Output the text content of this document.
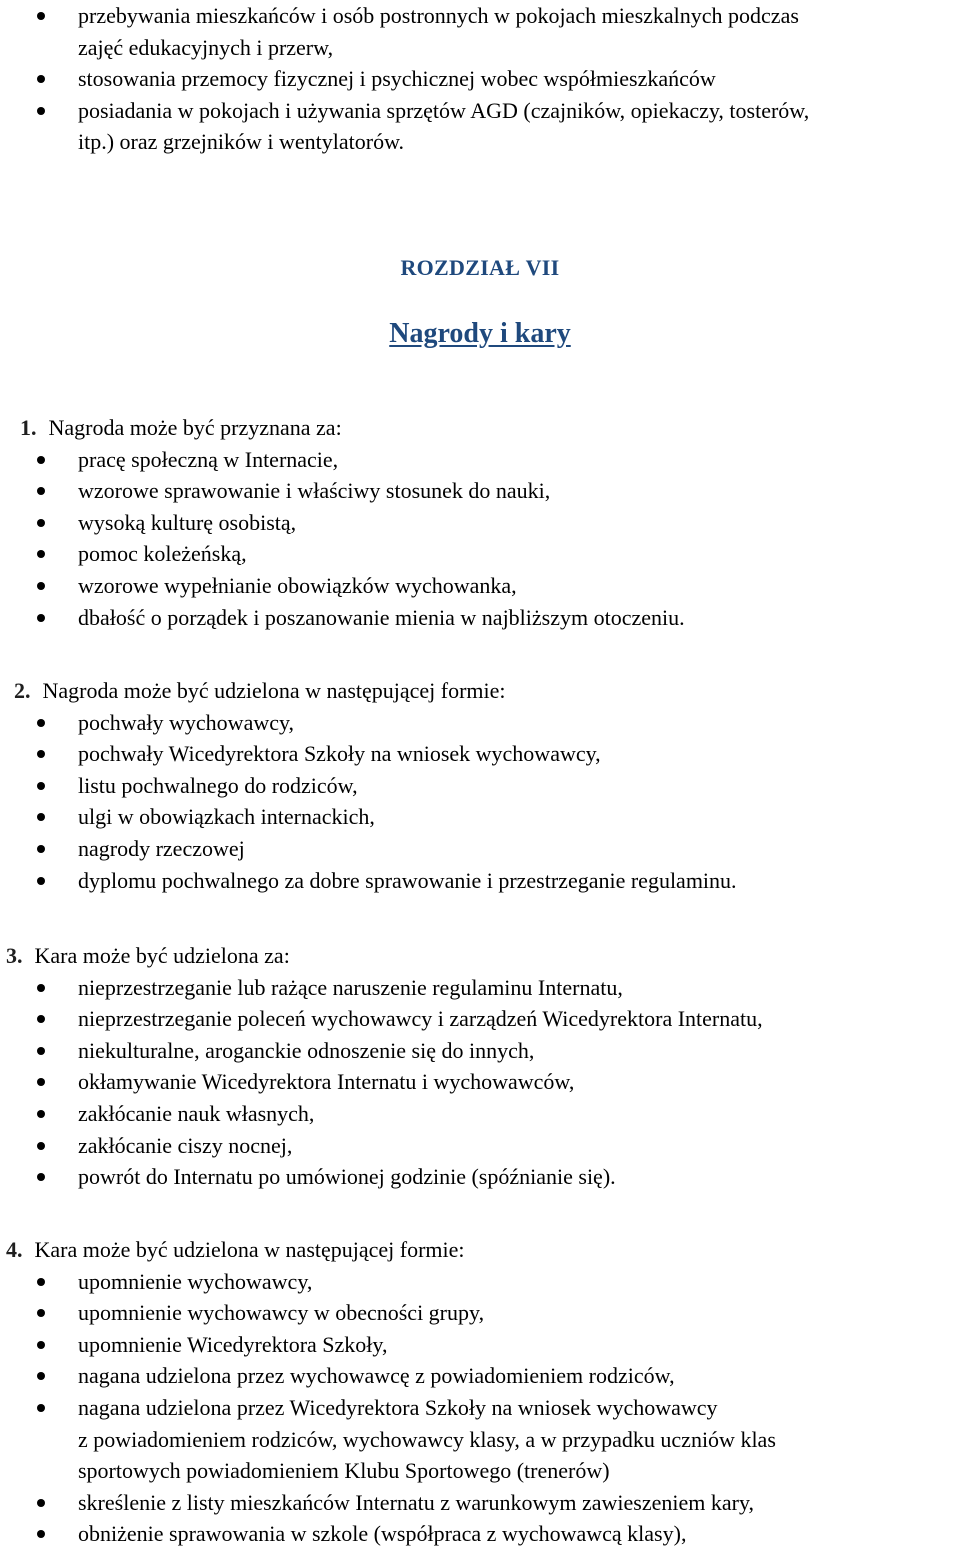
przebywania mieszkańców i osób postronnych w pokojach mieszkalnych podczas
zajęć edukacyjnych i przerw,
stosowania przemocy fizycznej i psychicznej wobec współmieszkańców
posiadania w pokojach i używania sprzętów AGD (czajników, opiekaczy, tosterów,
itp.) oraz grzejników i wentylatorów.
ROZDZIAŁ VII
Nagrody i kary
1. Nagroda może być przyznana za:
pracę społeczną w Internacie,
wzorowe sprawowanie i właściwy stosunek do nauki,
wysoką kulturę osobistą,
pomoc koleżeńską,
wzorowe wypełnianie obowiązków wychowanka,
dbałość o porządek i poszanowanie mienia w najbliższym otoczeniu.
2. Nagroda może być udzielona w następującej formie:
pochwały wychowawcy,
pochwały Wicedyrektora Szkoły na wniosek wychowawcy,
listu pochwalnego do rodziców,
ulgi w obowiązkach internackich,
nagrody rzeczowej
dyplomu pochwalnego za dobre sprawowanie i przestrzeganie regulaminu.
3. Kara może być udzielona za:
nieprzestrzeganie lub rażące naruszenie regulaminu Internatu,
nieprzestrzeganie poleceń wychowawcy i zarządzeń Wicedyrektora Internatu,
niekulturalne, aroganckie odnoszenie się do innych,
okłamywanie Wicedyrektora Internatu i wychowawców,
zakłócanie nauk własnych,
zakłócanie ciszy nocnej,
powrót do Internatu po umówionej godzinie (spóźnianie się).
4. Kara może być udzielona w następującej formie:
upomnienie wychowawcy,
upomnienie wychowawcy w obecności grupy,
upomnienie Wicedyrektora Szkoły,
nagana udzielona przez wychowawcę z powiadomieniem rodziców,
nagana udzielona przez Wicedyrektora Szkoły na wniosek wychowawcy
z powiadomieniem rodziców, wychowawcy klasy, a w przypadku uczniów klas
sportowych powiadomieniem Klubu Sportowego (trenerów)
skreślenie z listy mieszkańców Internatu z warunkowym zawieszeniem kary,
obniżenie sprawowania w szkole (współpraca z wychowawcą klasy),
